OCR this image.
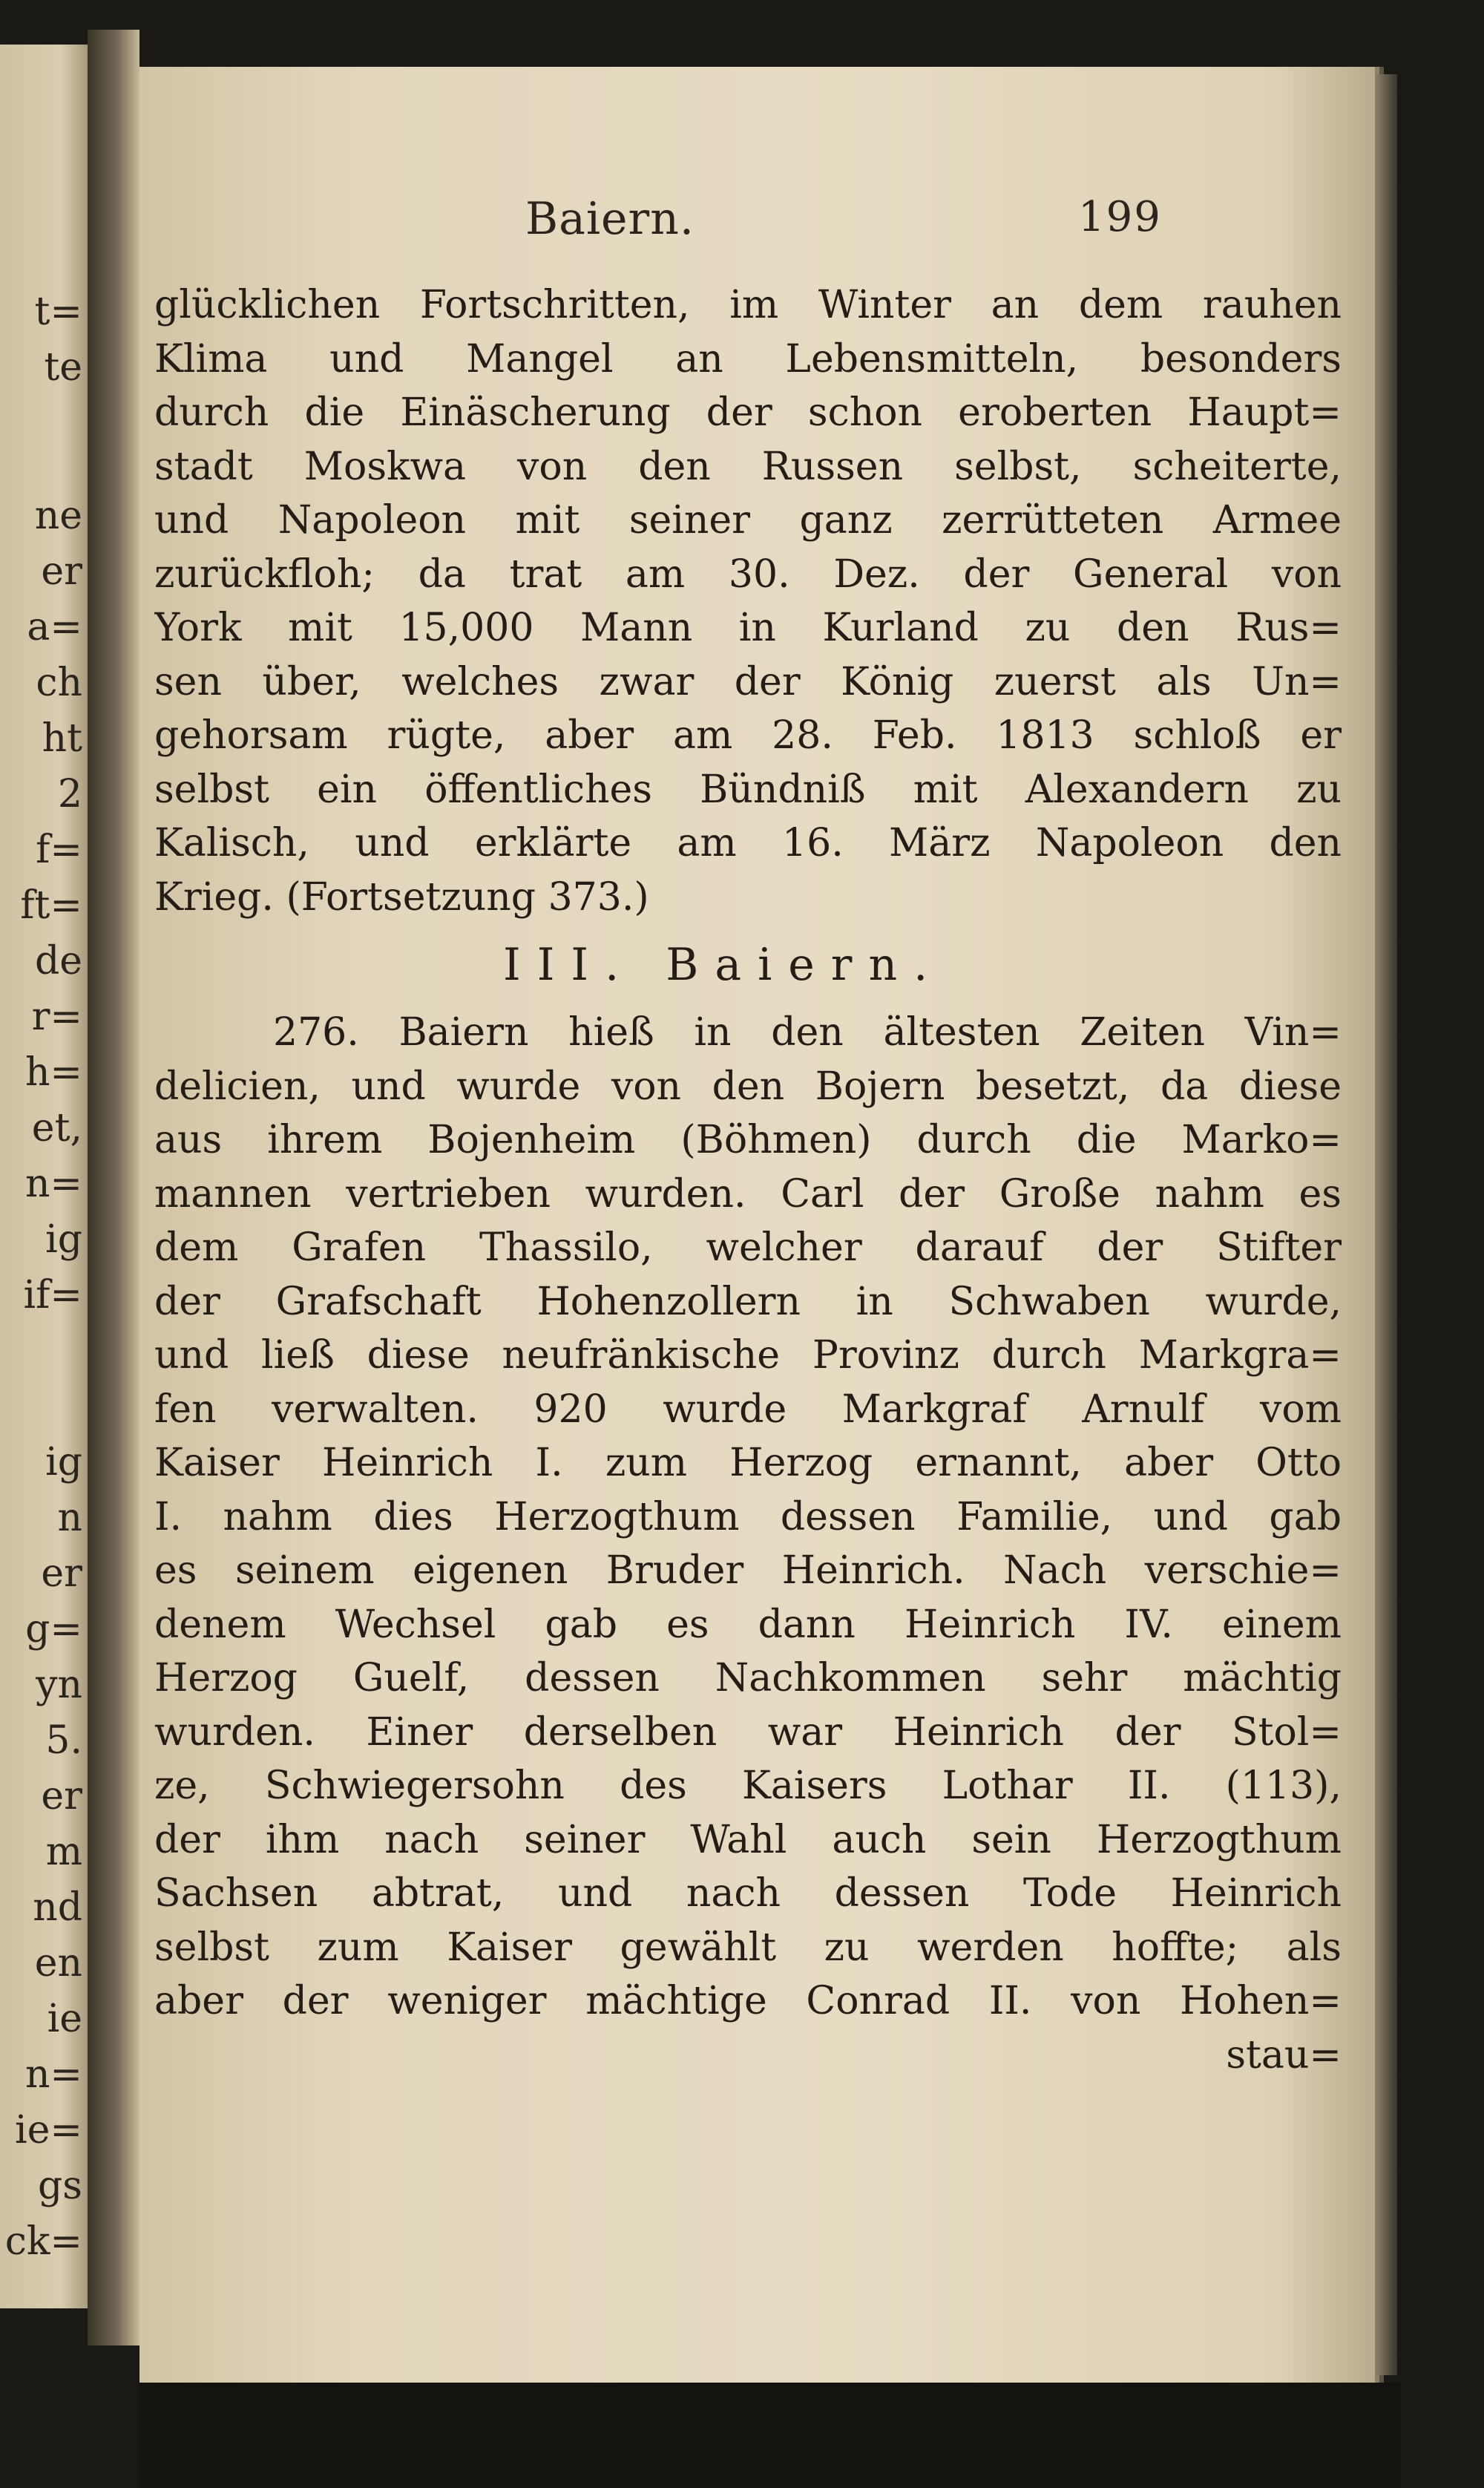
t=
te
ne
er
a=
ch
ht
2
f=
ft=
de
r=
h=
et,
n=
ig
if=
ig
n
er
g=
yn
5.
er
m
nd
en
ie
n=
ie=
gs
ck=
Baiern.	199
glücklichen Fortschritten, im Winter an dem rauhen
Klima und Mangel an Lebensmitteln, besonders
durch die Einäscherung der schon eroberten Haupt=
stadt Moskwa von den Russen selbst, scheiterte,
und Napoleon mit seiner ganz zerrütteten Armee
zurückfloh; da trat am 30. Dez. der General von
York mit 15,000 Mann in Kurland zu den Rus=
sen über, welches zwar der König zuerst als Un=
gehorsam rügte, aber am 28. Feb. 1813 schloß er
selbst ein öffentliches Bündniß mit Alexandern zu
Kalisch, und erklärte am 16. März Napoleon den
Krieg. (Fortsetzung 373.)
III. Baiern.
276. Baiern hieß in den ältesten Zeiten Vin=
delicien, und wurde von den Bojern besetzt, da diese
aus ihrem Bojenheim (Böhmen) durch die Marko=
mannen vertrieben wurden. Carl der Große nahm es
dem Grafen Thassilo, welcher darauf der Stifter
der Grafschaft Hohenzollern in Schwaben wurde,
und ließ diese neufränkische Provinz durch Markgra=
fen verwalten. 920 wurde Markgraf Arnulf vom
Kaiser Heinrich I. zum Herzog ernannt, aber Otto
I. nahm dies Herzogthum dessen Familie, und gab
es seinem eigenen Bruder Heinrich. Nach verschie=
denem Wechsel gab es dann Heinrich IV. einem
Herzog Guelf, dessen Nachkommen sehr mächtig
wurden. Einer derselben war Heinrich der Stol=
ze, Schwiegersohn des Kaisers Lothar II. (113),
der ihm nach seiner Wahl auch sein Herzogthum
Sachsen abtrat, und nach dessen Tode Heinrich
selbst zum Kaiser gewählt zu werden hoffte; als
aber der weniger mächtige Conrad II. von Hohen=
stau=
